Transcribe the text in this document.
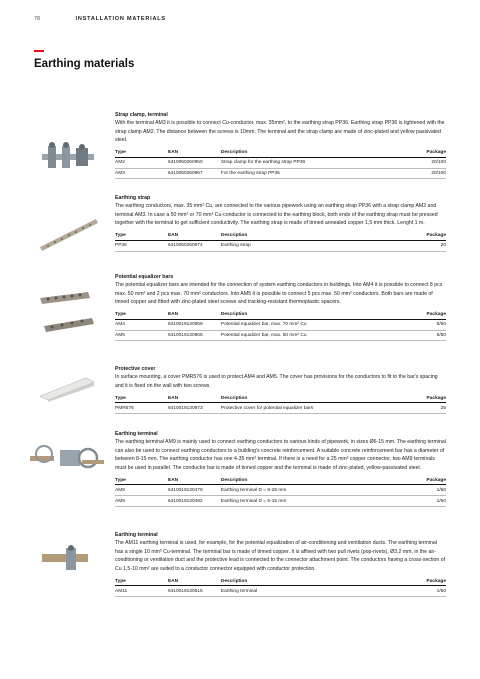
78	INSTALLATION MATERIALS
Earthing materials
Strap clamp, terminal

With the terminal AM3 it is possible to connect Cu-conductor, max. 35mm², to the earthing strap PP36. Earthing strap PP36 is tightened with the strap clamp AM2. The distance between the screws is 10mm. The terminal and the strap clamp are made of zinc-plated and yellow passivated steel.

Type	EAN	Description	Package
AM2	6410050260950	Strap clamp for the earthing strap PP36	20/100
AM3	6410050260967	For the earthing strap PP36	20/100
Earthing strap

The earthing conductors, max. 35 mm² Cu, are connected to the various pipework using an earthing strap PP36 with a strap clamp AM2 and terminal AM3. In case a 50 mm² or 70 mm² Cu-conductor is connected to the earthing block, both ends of the earthing strap must be pressed together with the terminal to get sufficient conductivity. The earthing strap is made of tinned annealed copper 1,5 mm thick. Lenght 1 m.

Type	EAN	Description	Package
PP36	6410050260974	Earthing strap	20
Potential equalizer bars

The potential equalizer bars are intended for the connection of system earthing conductors in buildings. Into AM4 it is possible to connect 8 pcs max. 50 mm² and 2 pcs max. 70 mm² conductors. Into AM5 it is possible to connect 5 pcs max. 50 mm² conductors. Both bars are made of tinned copper and fitted with zinc-plated steel screws and tracking-resistant thermoplastic spacers.

Type	EAN	Description	Package
AM4	6410019130959	Potential equalizer bar, max. 70 mm² Cu	5/50
AM5	6410019130966	Potential equalizer bar, max. 50 mm² Cu	5/50
Protective cover

In surface mounting, a cover PMR576 is used to protect AM4 and AM5. The cover has provisions for the conductors to fit to the bar's spacing and it is fixed on the wall with two screws.

Type	EAN	Description	Package
PMR576	6410019130973	Protective cover for potential equalizer bars	25
Earthing terminal

The earthing terminal AM9 is mainly used to connect earthing conductors to various kinds of pipework, in sizes Ø6-15 mm. The earthing terminal can also be used to connect earthing conductors to a building's concrete reinforcement. A suitable concrete reinforcement bar has a diameter of between 8-15 mm. The earthing conductor has one 4-35 mm² terminal. If there is a need for a 25 mm² copper connector, two AM9 terminals must be used in parallel. The conductor bar is made of tinned copper and the terminal is made of zinc-plated, yellow-passivated steel.

Type	EAN	Description	Package
AM8	6410019130478	Earthing terminal D = 8-28 mm	1/50
AM9	6410019130492	Earthing terminal D = 6-15 mm	1/50
Earthing terminal

The AM11 earthing terminal is used, for example, for the potential equalization of air-conditioning and ventilation ducts. The earthing terminal has a single 10 mm² Cu-terminal. The terminal bar is made of tinned copper. It is affixed with two pull rivets (pop-rivets), Ø3,2 mm, in the air-conditioning or ventilation duct and the protective lead is connected to the connector attachment point. The conductors having a cross-section of Cu 1,5-10 mm² are suited to a conductor connector equipped with conductor protection.

Type	EAN	Description	Package
AM11	6410019130515	Earthing terminal	1/50
